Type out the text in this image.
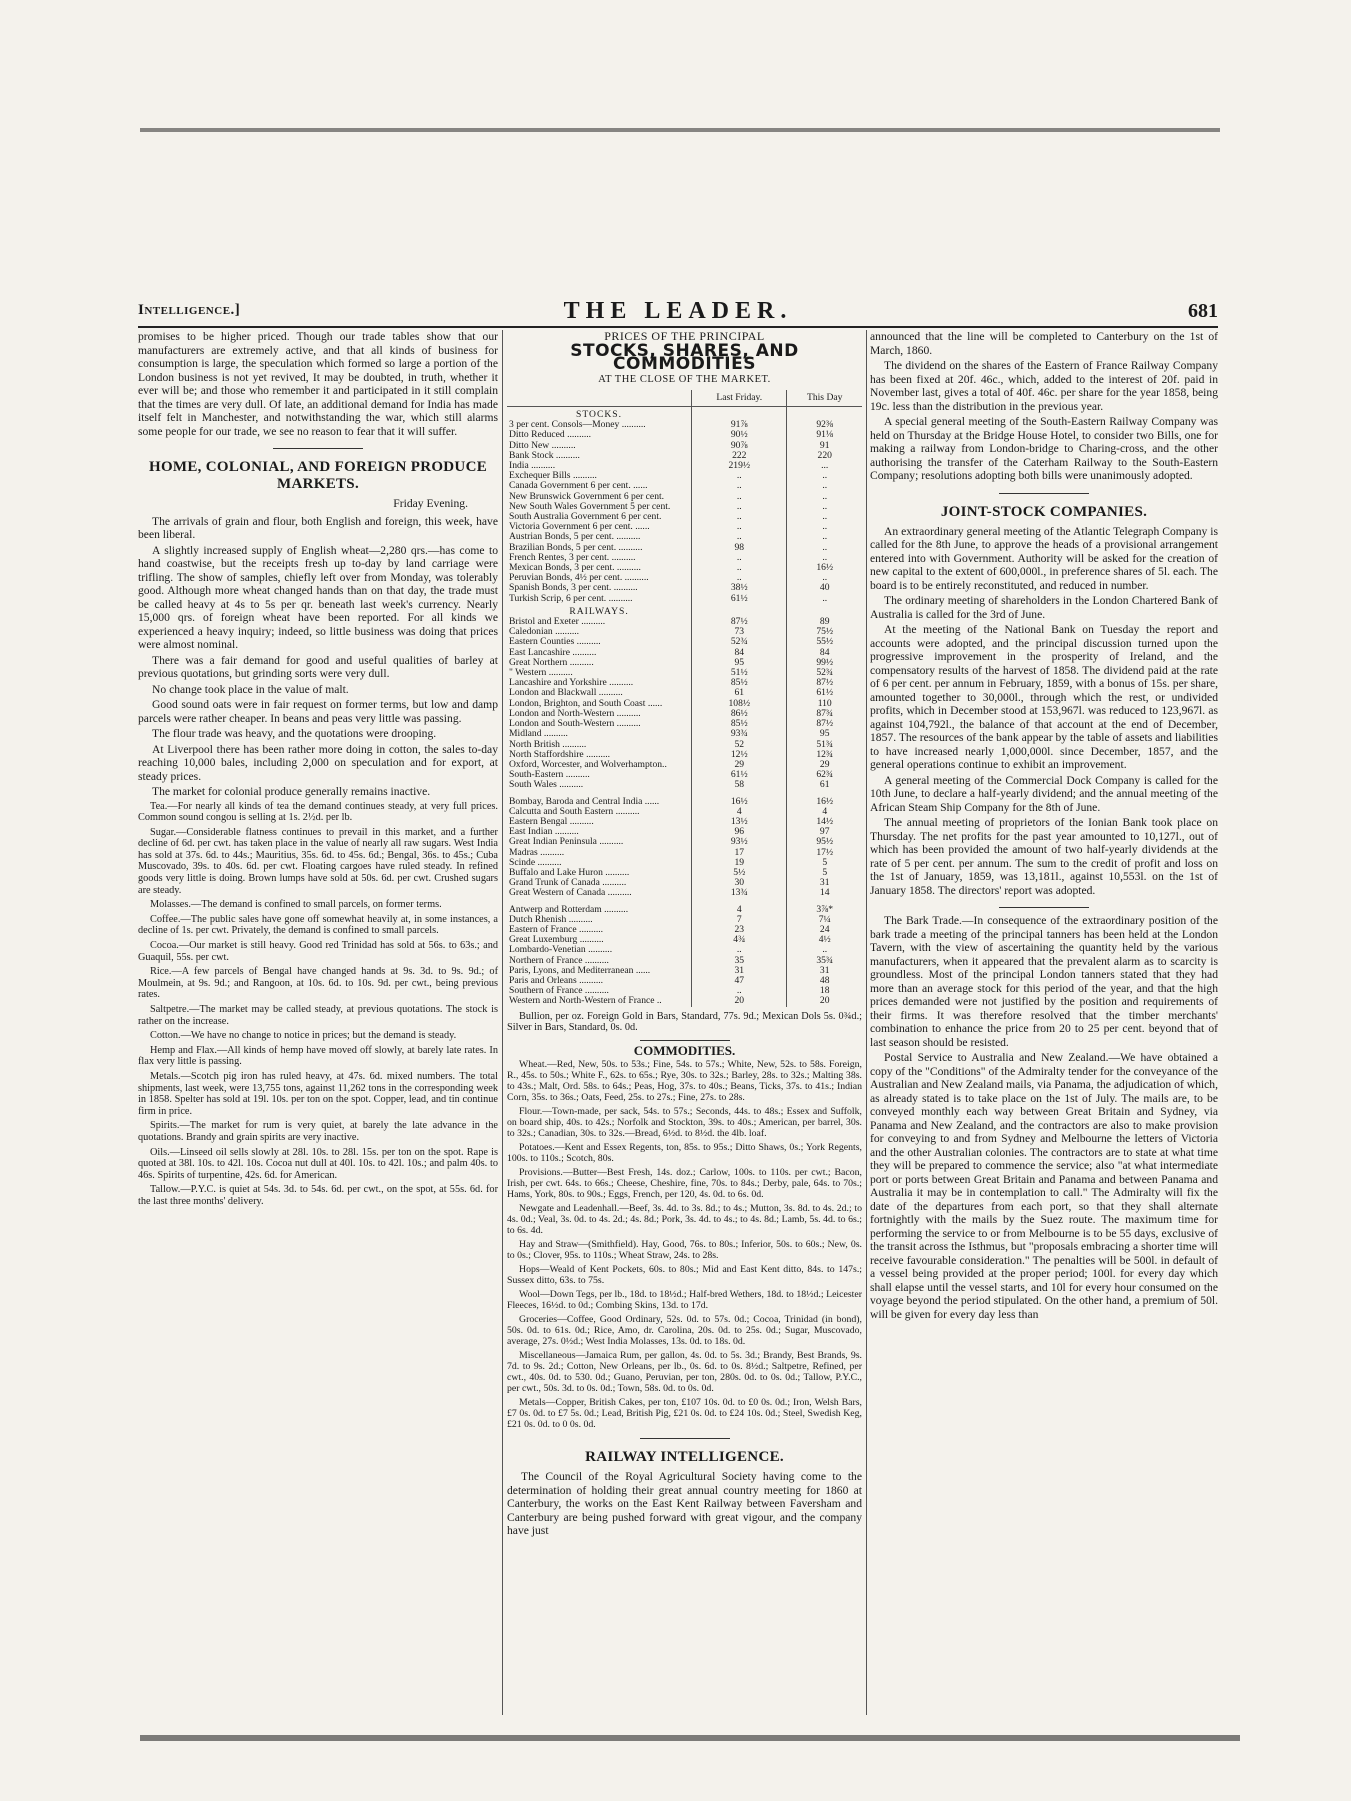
Intelligence.]	THE LEADER.	681

promises to be higher priced. Though our trade tables show that our manufacturers are extremely active, and that all kinds of business for consumption is large, the speculation which formed so large a portion of the London business is not yet revived, It may be doubted, in truth, whether it ever will be; and those who remember it and participated in it still complain that the times are very dull. Of late, an additional demand for India has made itself felt in Manchester, and notwithstanding the war, which still alarms some people for our trade, we see no reason to fear that it will suffer.

HOME, COLONIAL, AND FOREIGN PRODUCE MARKETS.
Friday Evening.

The arrivals of grain and flour, both English and foreign, this week, have been liberal.

A slightly increased supply of English wheat—2,280 qrs.—has come to hand coastwise, but the receipts fresh up to-day by land carriage were trifling. The show of samples, chiefly left over from Monday, was tolerably good. Although more wheat changed hands than on that day, the trade must be called heavy at 4s to 5s per qr. beneath last week's currency. Nearly 15,000 qrs. of foreign wheat have been reported. For all kinds we experienced a heavy inquiry; indeed, so little business was doing that prices were almost nominal.

There was a fair demand for good and useful qualities of barley at previous quotations, but grinding sorts were very dull.

No change took place in the value of malt.

Good sound oats were in fair request on former terms, but low and damp parcels were rather cheaper. In beans and peas very little was passing.

The flour trade was heavy, and the quotations were drooping.

At Liverpool there has been rather more doing in cotton, the sales to-day reaching 10,000 bales, including 2,000 on speculation and for export, at steady prices.

The market for colonial produce generally remains inactive.

Tea.—For nearly all kinds of tea the demand continues steady, at very full prices. Common sound congou is selling at 1s. 2½d. per lb.

Sugar.—Considerable flatness continues to prevail in this market, and a further decline of 6d. per cwt. has taken place in the value of nearly all raw sugars. West India has sold at 37s. 6d. to 44s.; Mauritius, 35s. 6d. to 45s. 6d.; Bengal, 36s. to 45s.; Cuba Muscovado, 39s. to 40s. 6d. per cwt. Floating cargoes have ruled steady. In refined goods very little is doing. Brown lumps have sold at 50s. 6d. per cwt. Crushed sugars are steady.

Molasses.—The demand is confined to small parcels, on former terms.

Coffee.—The public sales have gone off somewhat heavily at, in some instances, a decline of 1s. per cwt. Privately, the demand is confined to small parcels.

Cocoa.—Our market is still heavy. Good red Trinidad has sold at 56s. to 63s.; and Guaquil, 55s. per cwt.

Rice.—A few parcels of Bengal have changed hands at 9s. 3d. to 9s. 9d.; of Moulmein, at 9s. 9d.; and Rangoon, at 10s. 6d. to 10s. 9d. per cwt., being previous rates.

Saltpetre.—The market may be called steady, at previous quotations. The stock is rather on the increase.

Cotton.—We have no change to notice in prices; but the demand is steady.

Hemp and Flax.—All kinds of hemp have moved off slowly, at barely late rates. In flax very little is passing.

Metals.—Scotch pig iron has ruled heavy, at 47s. 6d. mixed numbers. The total shipments, last week, were 13,755 tons, against 11,262 tons in the corresponding week in 1858. Spelter has sold at 19l. 10s. per ton on the spot. Copper, lead, and tin continue firm in price.

Spirits.—The market for rum is very quiet, at barely the late advance in the quotations. Brandy and grain spirits are very inactive.

Oils.—Linseed oil sells slowly at 28l. 10s. to 28l. 15s. per ton on the spot. Rape is quoted at 38l. 10s. to 42l. 10s. Cocoa nut dull at 40l. 10s. to 42l. 10s.; and palm 40s. to 46s. Spirits of turpentine, 42s. 6d. for American.

Tallow.—P.Y.C. is quiet at 54s. 3d. to 54s. 6d. per cwt., on the spot, at 55s. 6d. for the last three months' delivery.

PRICES OF THE PRINCIPAL
STOCKS, SHARES, AND COMMODITIES
AT THE CLOSE OF THE MARKET.
	Last Friday.	This Day
STOCKS.		
3 per cent. Consols—Money ..........	91⅞	92⅜
Ditto Reduced ..........	90½	91⅛
Ditto New ..........	90⅞	91
Bank Stock ..........	222	220
India ..........	219½	...
Exchequer Bills ..........	..	..
Canada Government 6 per cent. ......	..	..
New Brunswick Government 6 per cent.	..	..
New South Wales Government 5 per cent.	..	..
South Australia Government 6 per cent.	..	..
Victoria Government 6 per cent. ......	..	..
Austrian Bonds, 5 per cent. ..........	..	..
Brazilian Bonds, 5 per cent. ..........	98	..
French Rentes, 3 per cent. ..........	..	..
Mexican Bonds, 3 per cent. ..........	..	16½
Peruvian Bonds, 4½ per cent. ..........	..	..
Spanish Bonds, 3 per cent. ..........	38½	40
Turkish Scrip, 6 per cent. ..........	61½	..
RAILWAYS.		
Bristol and Exeter ..........	87½	89
Caledonian ..........	73	75½
Eastern Counties ..........	52¾	55½
East Lancashire ..........	84	84
Great Northern ..........	95	99½
" Western ..........	51½	52¾
Lancashire and Yorkshire ..........	85½	87½
London and Blackwall ..........	61	61½
London, Brighton, and South Coast ......	108½	110
London and North-Western ..........	86½	87¾
London and South-Western ..........	85½	87½
Midland ..........	93¾	95
North British ..........	52	51¾
North Staffordshire ..........	12½	12¾
Oxford, Worcester, and Wolverhampton..	29	29
South-Eastern ..........	61½	62¾
South Wales ..........	58	61

Bombay, Baroda and Central India ......	16½	16½
Calcutta and South Eastern ..........	4	4
Eastern Bengal ..........	13½	14½
East Indian ..........	96	97
Great Indian Peninsula ..........	93½	95½
Madras ..........	17	17½
Scinde ..........	19	5
Buffalo and Lake Huron ..........	5½	5
Grand Trunk of Canada ..........	30	31
Great Western of Canada ..........	13¾	14

Antwerp and Rotterdam ..........	4	3⅞*
Dutch Rhenish ..........	7	7¼
Eastern of France ..........	23	24
Great Luxemburg ..........	4¾	4½
Lombardo-Venetian ..........	..	..
Northern of France ..........	35	35¾
Paris, Lyons, and Mediterranean ......	31	31
Paris and Orleans ..........	47	48
Southern of France ..........	..	18
Western and North-Western of France ..	20	20

Bullion, per oz. Foreign Gold in Bars, Standard, 77s. 9d.; Mexican Dols 5s. 0¾d.; Silver in Bars, Standard, 0s. 0d.

COMMODITIES.

Wheat.—Red, New, 50s. to 53s.; Fine, 54s. to 57s.; White, New, 52s. to 58s. Foreign, R., 45s. to 50s.; White F., 62s. to 65s.; Rye, 30s. to 32s.; Barley, 28s. to 32s.; Malting 38s. to 43s.; Malt, Ord. 58s. to 64s.; Peas, Hog, 37s. to 40s.; Beans, Ticks, 37s. to 41s.; Indian Corn, 35s. to 36s.; Oats, Feed, 25s. to 27s.; Fine, 27s. to 28s.

Flour.—Town-made, per sack, 54s. to 57s.; Seconds, 44s. to 48s.; Essex and Suffolk, on board ship, 40s. to 42s.; Norfolk and Stockton, 39s. to 40s.; American, per barrel, 30s. to 32s.; Canadian, 30s. to 32s.—Bread, 6½d. to 8½d. the 4lb. loaf.

Potatoes.—Kent and Essex Regents, ton, 85s. to 95s.; Ditto Shaws, 0s.; York Regents, 100s. to 110s.; Scotch, 80s.

Provisions.—Butter—Best Fresh, 14s. doz.; Carlow, 100s. to 110s. per cwt.; Bacon, Irish, per cwt. 64s. to 66s.; Cheese, Cheshire, fine, 70s. to 84s.; Derby, pale, 64s. to 70s.; Hams, York, 80s. to 90s.; Eggs, French, per 120, 4s. 0d. to 6s. 0d.

Newgate and Leadenhall.—Beef, 3s. 4d. to 3s. 8d.; to 4s.; Mutton, 3s. 8d. to 4s. 2d.; to 4s. 0d.; Veal, 3s. 0d. to 4s. 2d.; 4s. 8d.; Pork, 3s. 4d. to 4s.; to 4s. 8d.; Lamb, 5s. 4d. to 6s.; to 6s. 4d.

Hay and Straw—(Smithfield). Hay, Good, 76s. to 80s.; Inferior, 50s. to 60s.; New, 0s. to 0s.; Clover, 95s. to 110s.; Wheat Straw, 24s. to 28s.

Hops—Weald of Kent Pockets, 60s. to 80s.; Mid and East Kent ditto, 84s. to 147s.; Sussex ditto, 63s. to 75s.

Wool—Down Tegs, per lb., 18d. to 18½d.; Half-bred Wethers, 18d. to 18½d.; Leicester Fleeces, 16½d. to 0d.; Combing Skins, 13d. to 17d.

Groceries—Coffee, Good Ordinary, 52s. 0d. to 57s. 0d.; Cocoa, Trinidad (in bond), 50s. 0d. to 61s. 0d.; Rice, Amo, dr. Carolina, 20s. 0d. to 25s. 0d.; Sugar, Muscovado, average, 27s. 0½d.; West India Molasses, 13s. 0d. to 18s. 0d.

Miscellaneous—Jamaica Rum, per gallon, 4s. 0d. to 5s. 3d.; Brandy, Best Brands, 9s. 7d. to 9s. 2d.; Cotton, New Orleans, per lb., 0s. 6d. to 0s. 8½d.; Saltpetre, Refined, per cwt., 40s. 0d. to 530. 0d.; Guano, Peruvian, per ton, 280s. 0d. to 0s. 0d.; Tallow, P.Y.C., per cwt., 50s. 3d. to 0s. 0d.; Town, 58s. 0d. to 0s. 0d.

Metals—Copper, British Cakes, per ton, £107 10s. 0d. to £0 0s. 0d.; Iron, Welsh Bars, £7 0s. 0d. to £7 5s. 0d.; Lead, British Pig, £21 0s. 0d. to £24 10s. 0d.; Steel, Swedish Keg, £21 0s. 0d. to 0 0s. 0d.

RAILWAY INTELLIGENCE.

The Council of the Royal Agricultural Society having come to the determination of holding their great annual country meeting for 1860 at Canterbury, the works on the East Kent Railway between Faversham and Canterbury are being pushed forward with great vigour, and the company have just

announced that the line will be completed to Canterbury on the 1st of March, 1860.

The dividend on the shares of the Eastern of France Railway Company has been fixed at 20f. 46c., which, added to the interest of 20f. paid in November last, gives a total of 40f. 46c. per share for the year 1858, being 19c. less than the distribution in the previous year.

A special general meeting of the South-Eastern Railway Company was held on Thursday at the Bridge House Hotel, to consider two Bills, one for making a railway from London-bridge to Charing-cross, and the other authorising the transfer of the Caterham Railway to the South-Eastern Company; resolutions adopting both bills were unanimously adopted.

JOINT-STOCK COMPANIES.

An extraordinary general meeting of the Atlantic Telegraph Company is called for the 8th June, to approve the heads of a provisional arrangement entered into with Government. Authority will be asked for the creation of new capital to the extent of 600,000l., in preference shares of 5l. each. The board is to be entirely reconstituted, and reduced in number.

The ordinary meeting of shareholders in the London Chartered Bank of Australia is called for the 3rd of June.

At the meeting of the National Bank on Tuesday the report and accounts were adopted, and the principal discussion turned upon the progressive improvement in the prosperity of Ireland, and the compensatory results of the harvest of 1858. The dividend paid at the rate of 6 per cent. per annum in February, 1859, with a bonus of 15s. per share, amounted together to 30,000l., through which the rest, or undivided profits, which in December stood at 153,967l. was reduced to 123,967l. as against 104,792l., the balance of that account at the end of December, 1857. The resources of the bank appear by the table of assets and liabilities to have increased nearly 1,000,000l. since December, 1857, and the general operations continue to exhibit an improvement.

A general meeting of the Commercial Dock Company is called for the 10th June, to declare a half-yearly dividend; and the annual meeting of the African Steam Ship Company for the 8th of June.

The annual meeting of proprietors of the Ionian Bank took place on Thursday. The net profits for the past year amounted to 10,127l., out of which has been provided the amount of two half-yearly dividends at the rate of 5 per cent. per annum. The sum to the credit of profit and loss on the 1st of January, 1859, was 13,181l., against 10,553l. on the 1st of January 1858. The directors' report was adopted.

The Bark Trade.—In consequence of the extraordinary position of the bark trade a meeting of the principal tanners has been held at the London Tavern, with the view of ascertaining the quantity held by the various manufacturers, when it appeared that the prevalent alarm as to scarcity is groundless. Most of the principal London tanners stated that they had more than an average stock for this period of the year, and that the high prices demanded were not justified by the position and requirements of their firms. It was therefore resolved that the timber merchants' combination to enhance the price from 20 to 25 per cent. beyond that of last season should be resisted.

Postal Service to Australia and New Zealand.—We have obtained a copy of the "Conditions" of the Admiralty tender for the conveyance of the Australian and New Zealand mails, via Panama, the adjudication of which, as already stated is to take place on the 1st of July. The mails are, to be conveyed monthly each way between Great Britain and Sydney, via Panama and New Zealand, and the contractors are also to make provision for conveying to and from Sydney and Melbourne the letters of Victoria and the other Australian colonies. The contractors are to state at what time they will be prepared to commence the service; also "at what intermediate port or ports between Great Britain and Panama and between Panama and Australia it may be in contemplation to call." The Admiralty will fix the date of the departures from each port, so that they shall alternate fortnightly with the mails by the Suez route. The maximum time for performing the service to or from Melbourne is to be 55 days, exclusive of the transit across the Isthmus, but "proposals embracing a shorter time will receive favourable consideration." The penalties will be 500l. in default of a vessel being provided at the proper period; 100l. for every day which shall elapse until the vessel starts, and 10l for every hour consumed on the voyage beyond the period stipulated. On the other hand, a premium of 50l. will be given for every day less than
